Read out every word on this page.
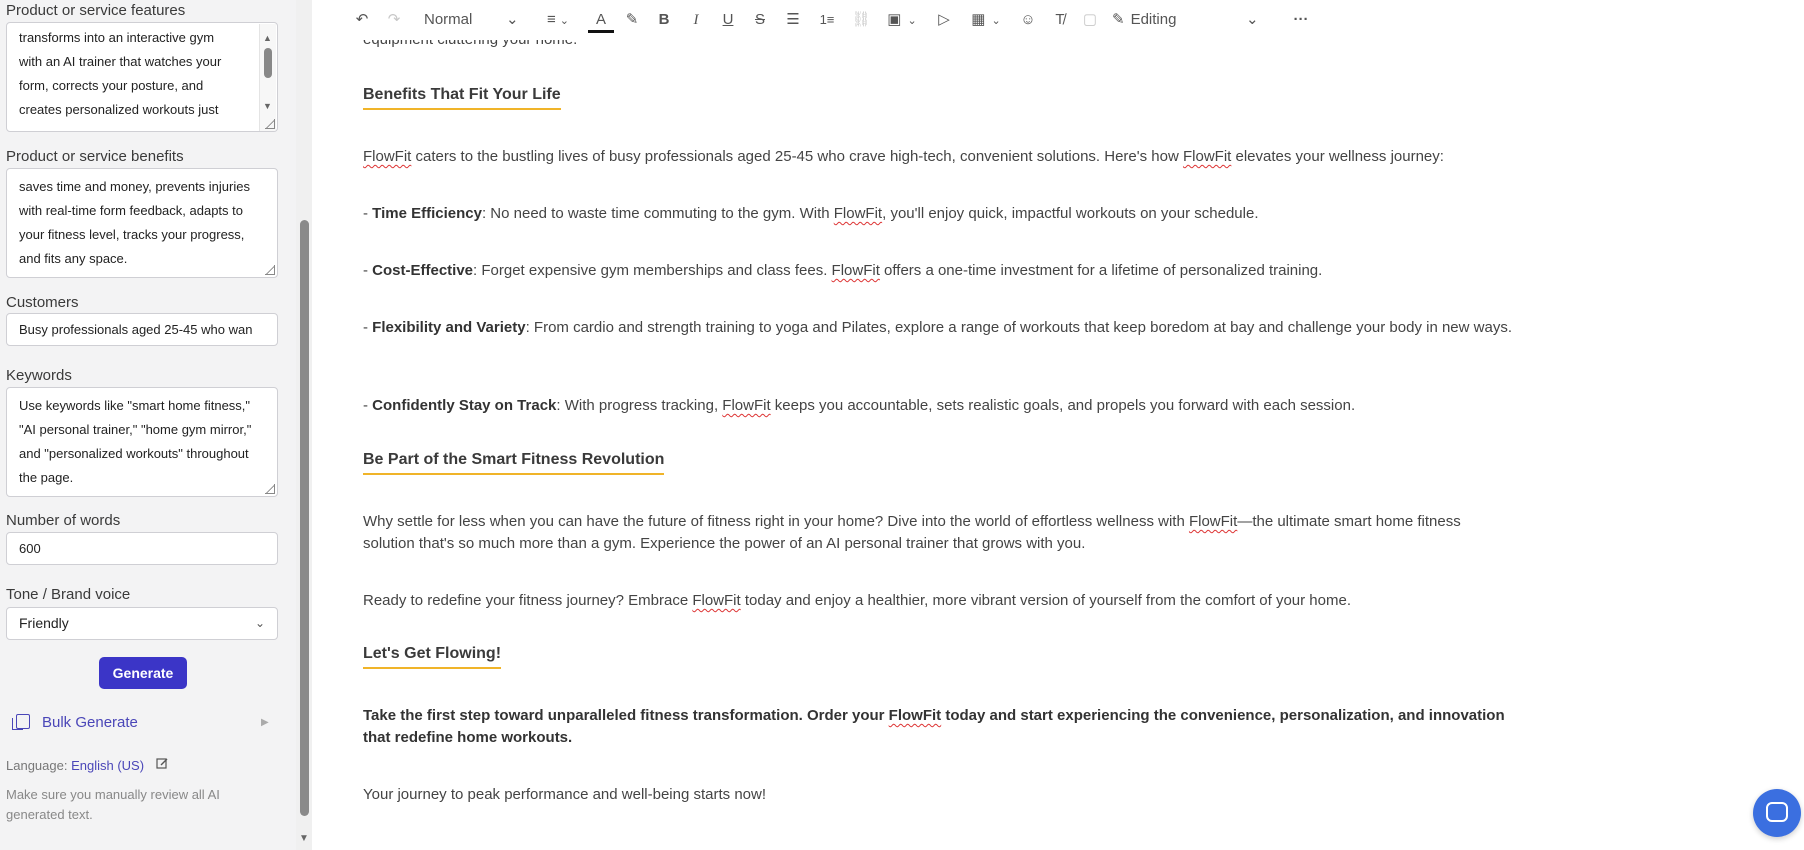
Product or service features
transforms into an interactive gym
with an AI trainer that watches your
form, corrects your posture, and
creates personalized workouts just
▲
▼
Product or service benefits
saves time and money, prevents injuries
with real-time form feedback, adapts to
your fitness level, tracks your progress,
and fits any space.
Customers
Busy professionals aged 25-45 who wan
Keywords
Use keywords like "smart home fitness,"
"AI personal trainer," "home gym mirror,"
and "personalized workouts" throughout
the page.
Number of words
600
Tone / Brand voice
Friendly	⌄
Generate
Bulk Generate	▶
Language: English (US)
Make sure you manually review all AI generated text.
▼
↶ ↷ Normal ⌄	≡ ⌄	A	✎	B	I	U	S	☰	1≡ ⛓	▣ ⌄	▷	▦ ⌄	☺	T̸	▢ ✎ Editing	⌄ ···
Benefits That Fit Your Life
FlowFit caters to the bustling lives of busy professionals aged 25-45 who crave high-tech, convenient solutions. Here's how FlowFit elevates your wellness journey:
- Time Efficiency: No need to waste time commuting to the gym. With FlowFit, you'll enjoy quick, impactful workouts on your schedule.
- Cost-Effective: Forget expensive gym memberships and class fees. FlowFit offers a one-time investment for a lifetime of personalized training.
- Flexibility and Variety: From cardio and strength training to yoga and Pilates, explore a range of workouts that keep boredom at bay and challenge your body in new ways.
- Confidently Stay on Track: With progress tracking, FlowFit keeps you accountable, sets realistic goals, and propels you forward with each session.
Be Part of the Smart Fitness Revolution
Why settle for less when you can have the future of fitness right in your home? Dive into the world of effortless wellness with FlowFit—the ultimate smart home fitness solution that's so much more than a gym. Experience the power of an AI personal trainer that grows with you.
Ready to redefine your fitness journey? Embrace FlowFit today and enjoy a healthier, more vibrant version of yourself from the comfort of your home.
Let's Get Flowing!
Take the first step toward unparalleled fitness transformation. Order your FlowFit today and start experiencing the convenience, personalization, and innovation that redefine home workouts.
Your journey to peak performance and well-being starts now!
